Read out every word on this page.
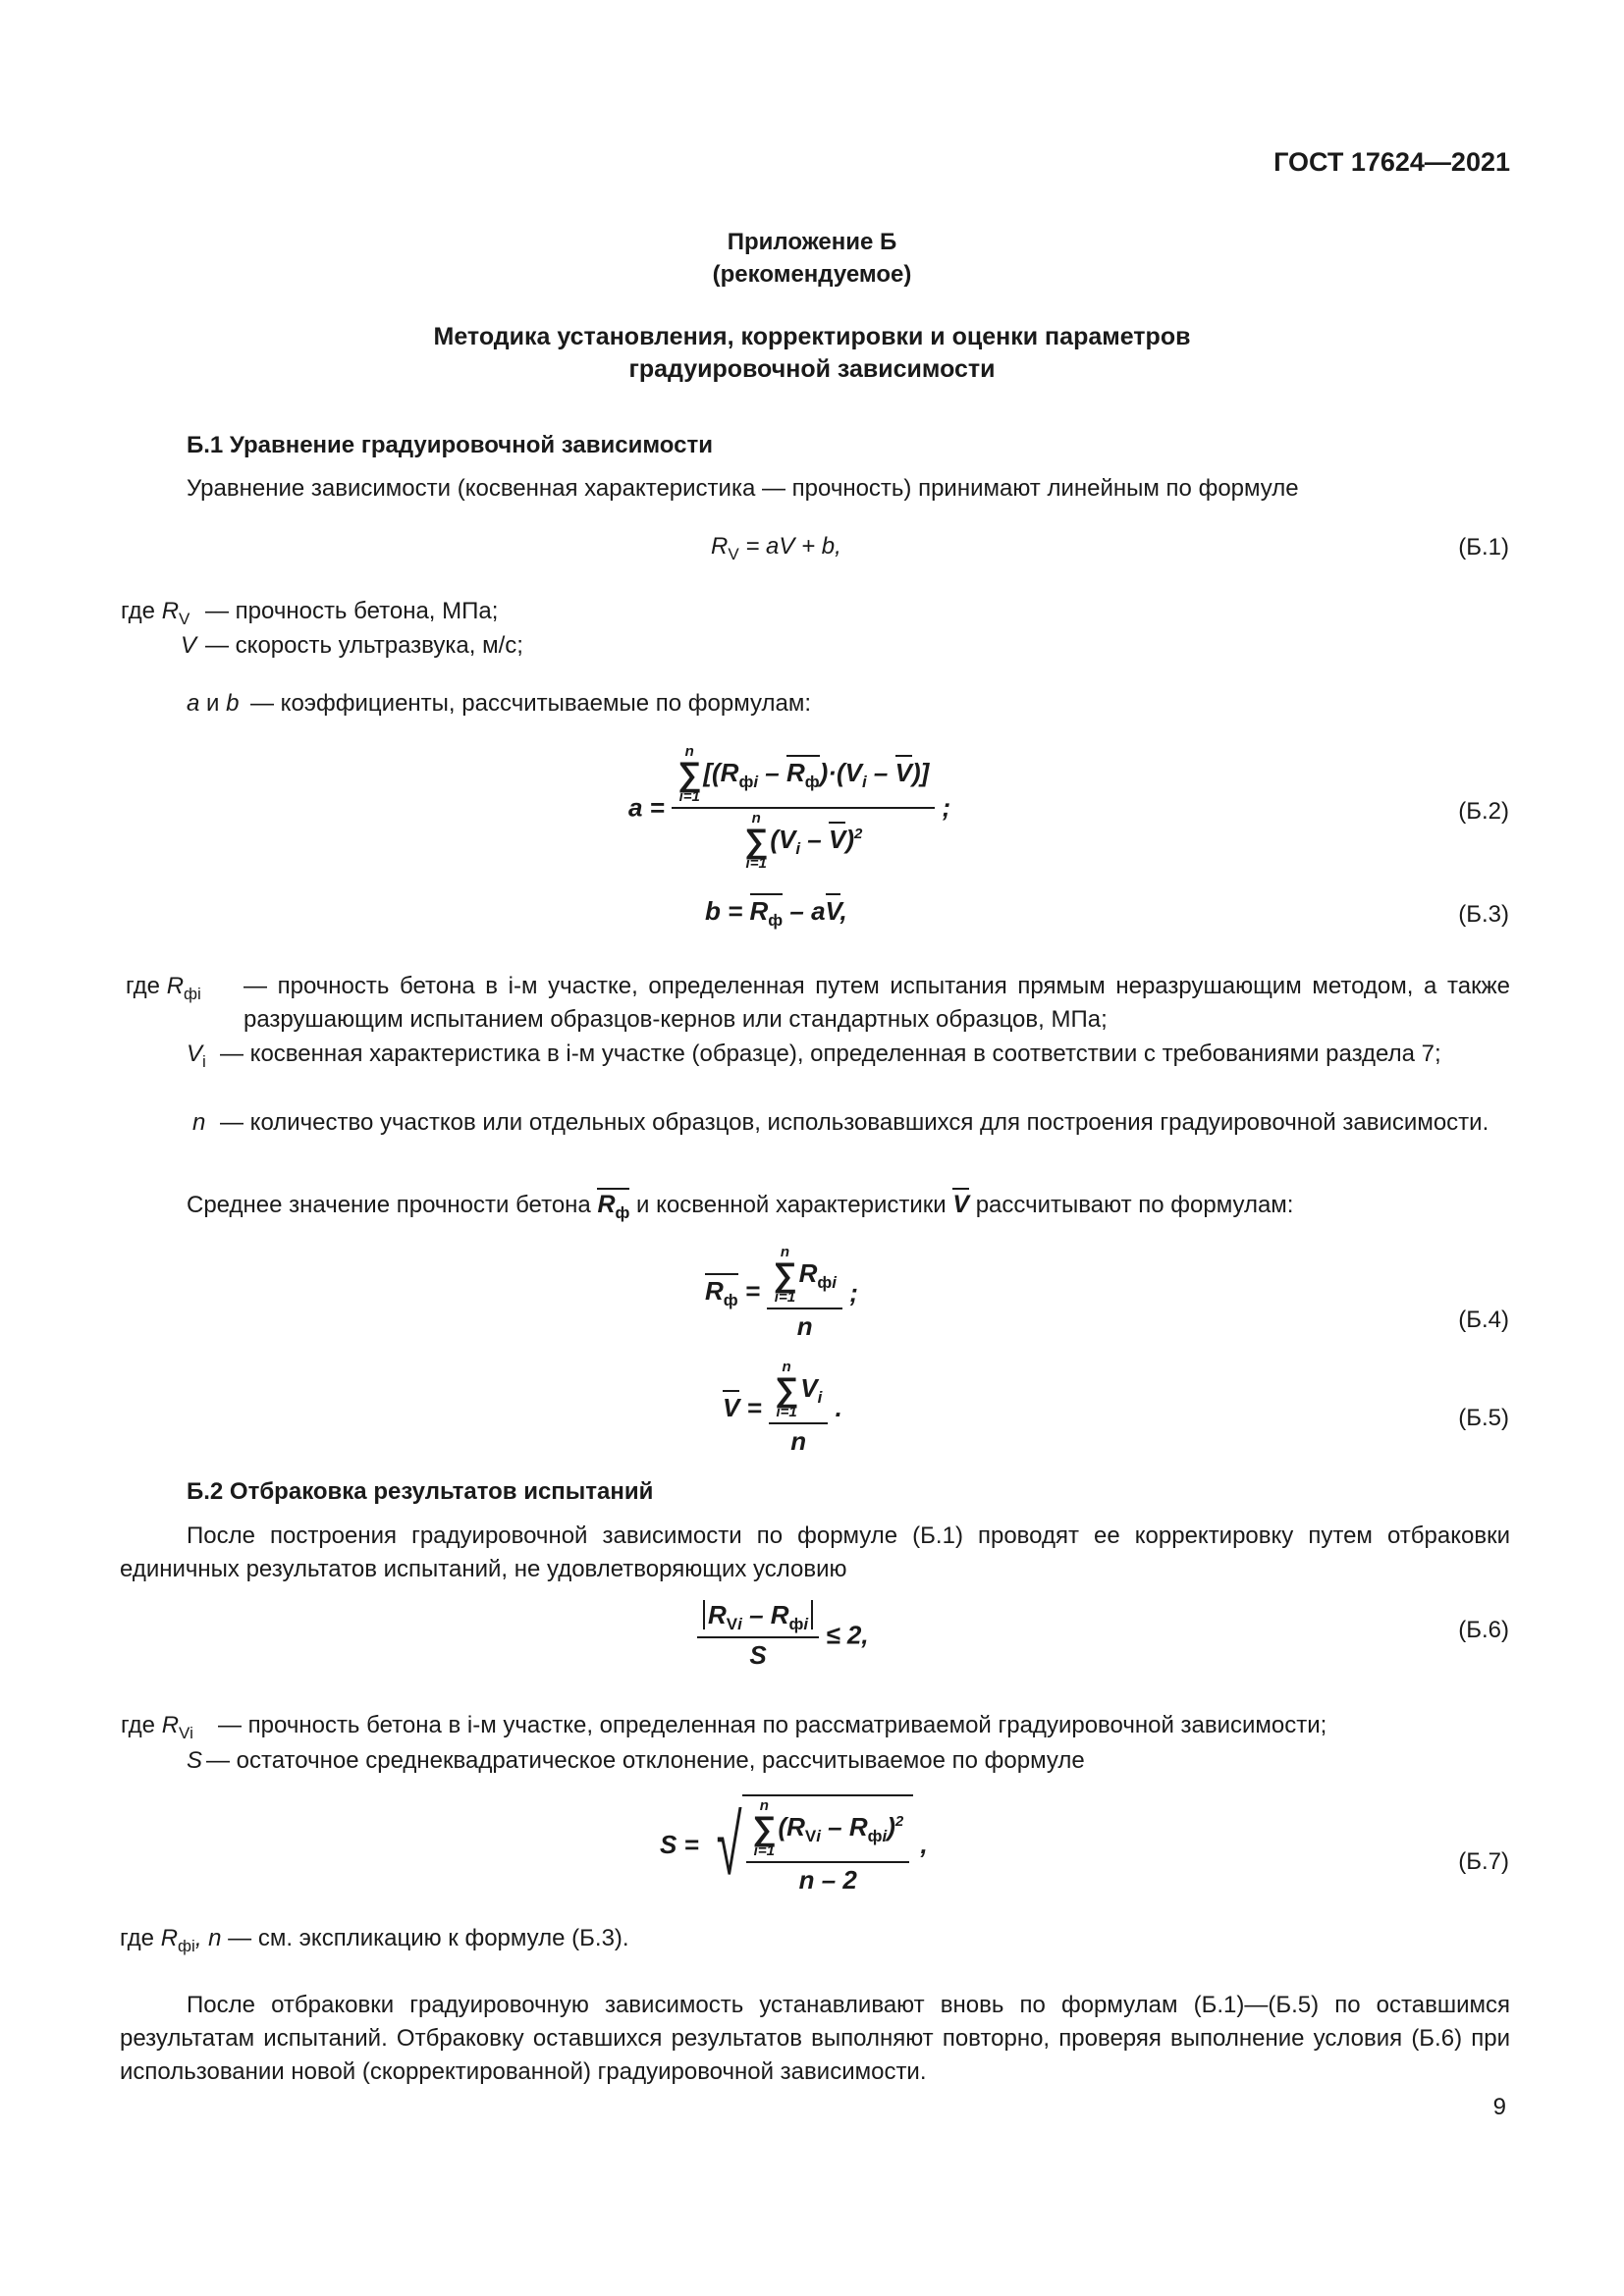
ГОСТ 17624—2021
Приложение Б
(рекомендуемое)
Методика установления, корректировки и оценки параметров
градуировочной зависимости
Б.1 Уравнение градуировочной зависимости
Уравнение зависимости (косвенная характеристика — прочность) принимают линейным по формуле
$R_V$ = aV + b,	(Б.1)
где $R_V$ — прочность бетона, МПа;
V — скорость ультразвука, м/с;
a и b — коэффициенты, рассчитываемые по формулам:
a = n
∑
i=1
$[(R_{фi} - R_ф)\cdot(V_i - V)]$
n
∑
i=1
$(V_i - V)^2$ ;	(Б.2)
$b = R_ф$ – aV,	(Б.3)
где $R_{фi}$ — прочность бетона в i-м участке, определенная путем испытания прямым неразрушающим методом, а также разрушающим испытанием образцов-кернов или стандартных образцов, МПа;
$V_i$ — косвенная характеристика в i-м участке (образце), определенная в соответствии с требованиями раздела 7;
n — количество участков или отдельных образцов, использовавшихся для построения градуировочной зависимости.
Среднее значение прочности бетона $R_ф$ и косвенной характеристики V рассчитывают по формулам:
$R_ф = n$
∑
i=1
$R_{фi}$
n ;
(Б.4)
V = n
∑
i=1
$V_i$
n .	(Б.5)
Б.2 Отбраковка результатов испытаний
После построения градуировочной зависимости по формуле (Б.1) проводят ее корректировку путем отбраковки единичных результатов испытаний, не удовлетворяющих условию
$\frac{R_{Vi} - R_{фi}}{S} \le 2$,	(Б.6)
где $R_{Vi}$ — прочность бетона в i-м участке, определенная по рассматриваемой градуировочной зависимости;
S — остаточное среднеквадратическое отклонение, рассчитываемое по формуле
S = √ n
∑
i=1
$(R_{Vi} - R_{фi})^2$
n – 2 ,
(Б.7)
где $R_{фi}$, n — см. экспликацию к формуле (Б.3).
После отбраковки градуировочную зависимость устанавливают вновь по формулам (Б.1)—(Б.5) по оставшимся результатам испытаний. Отбраковку оставшихся результатов выполняют повторно, проверяя выполнение условия (Б.6) при использовании новой (скорректированной) градуировочной зависимости.
9
